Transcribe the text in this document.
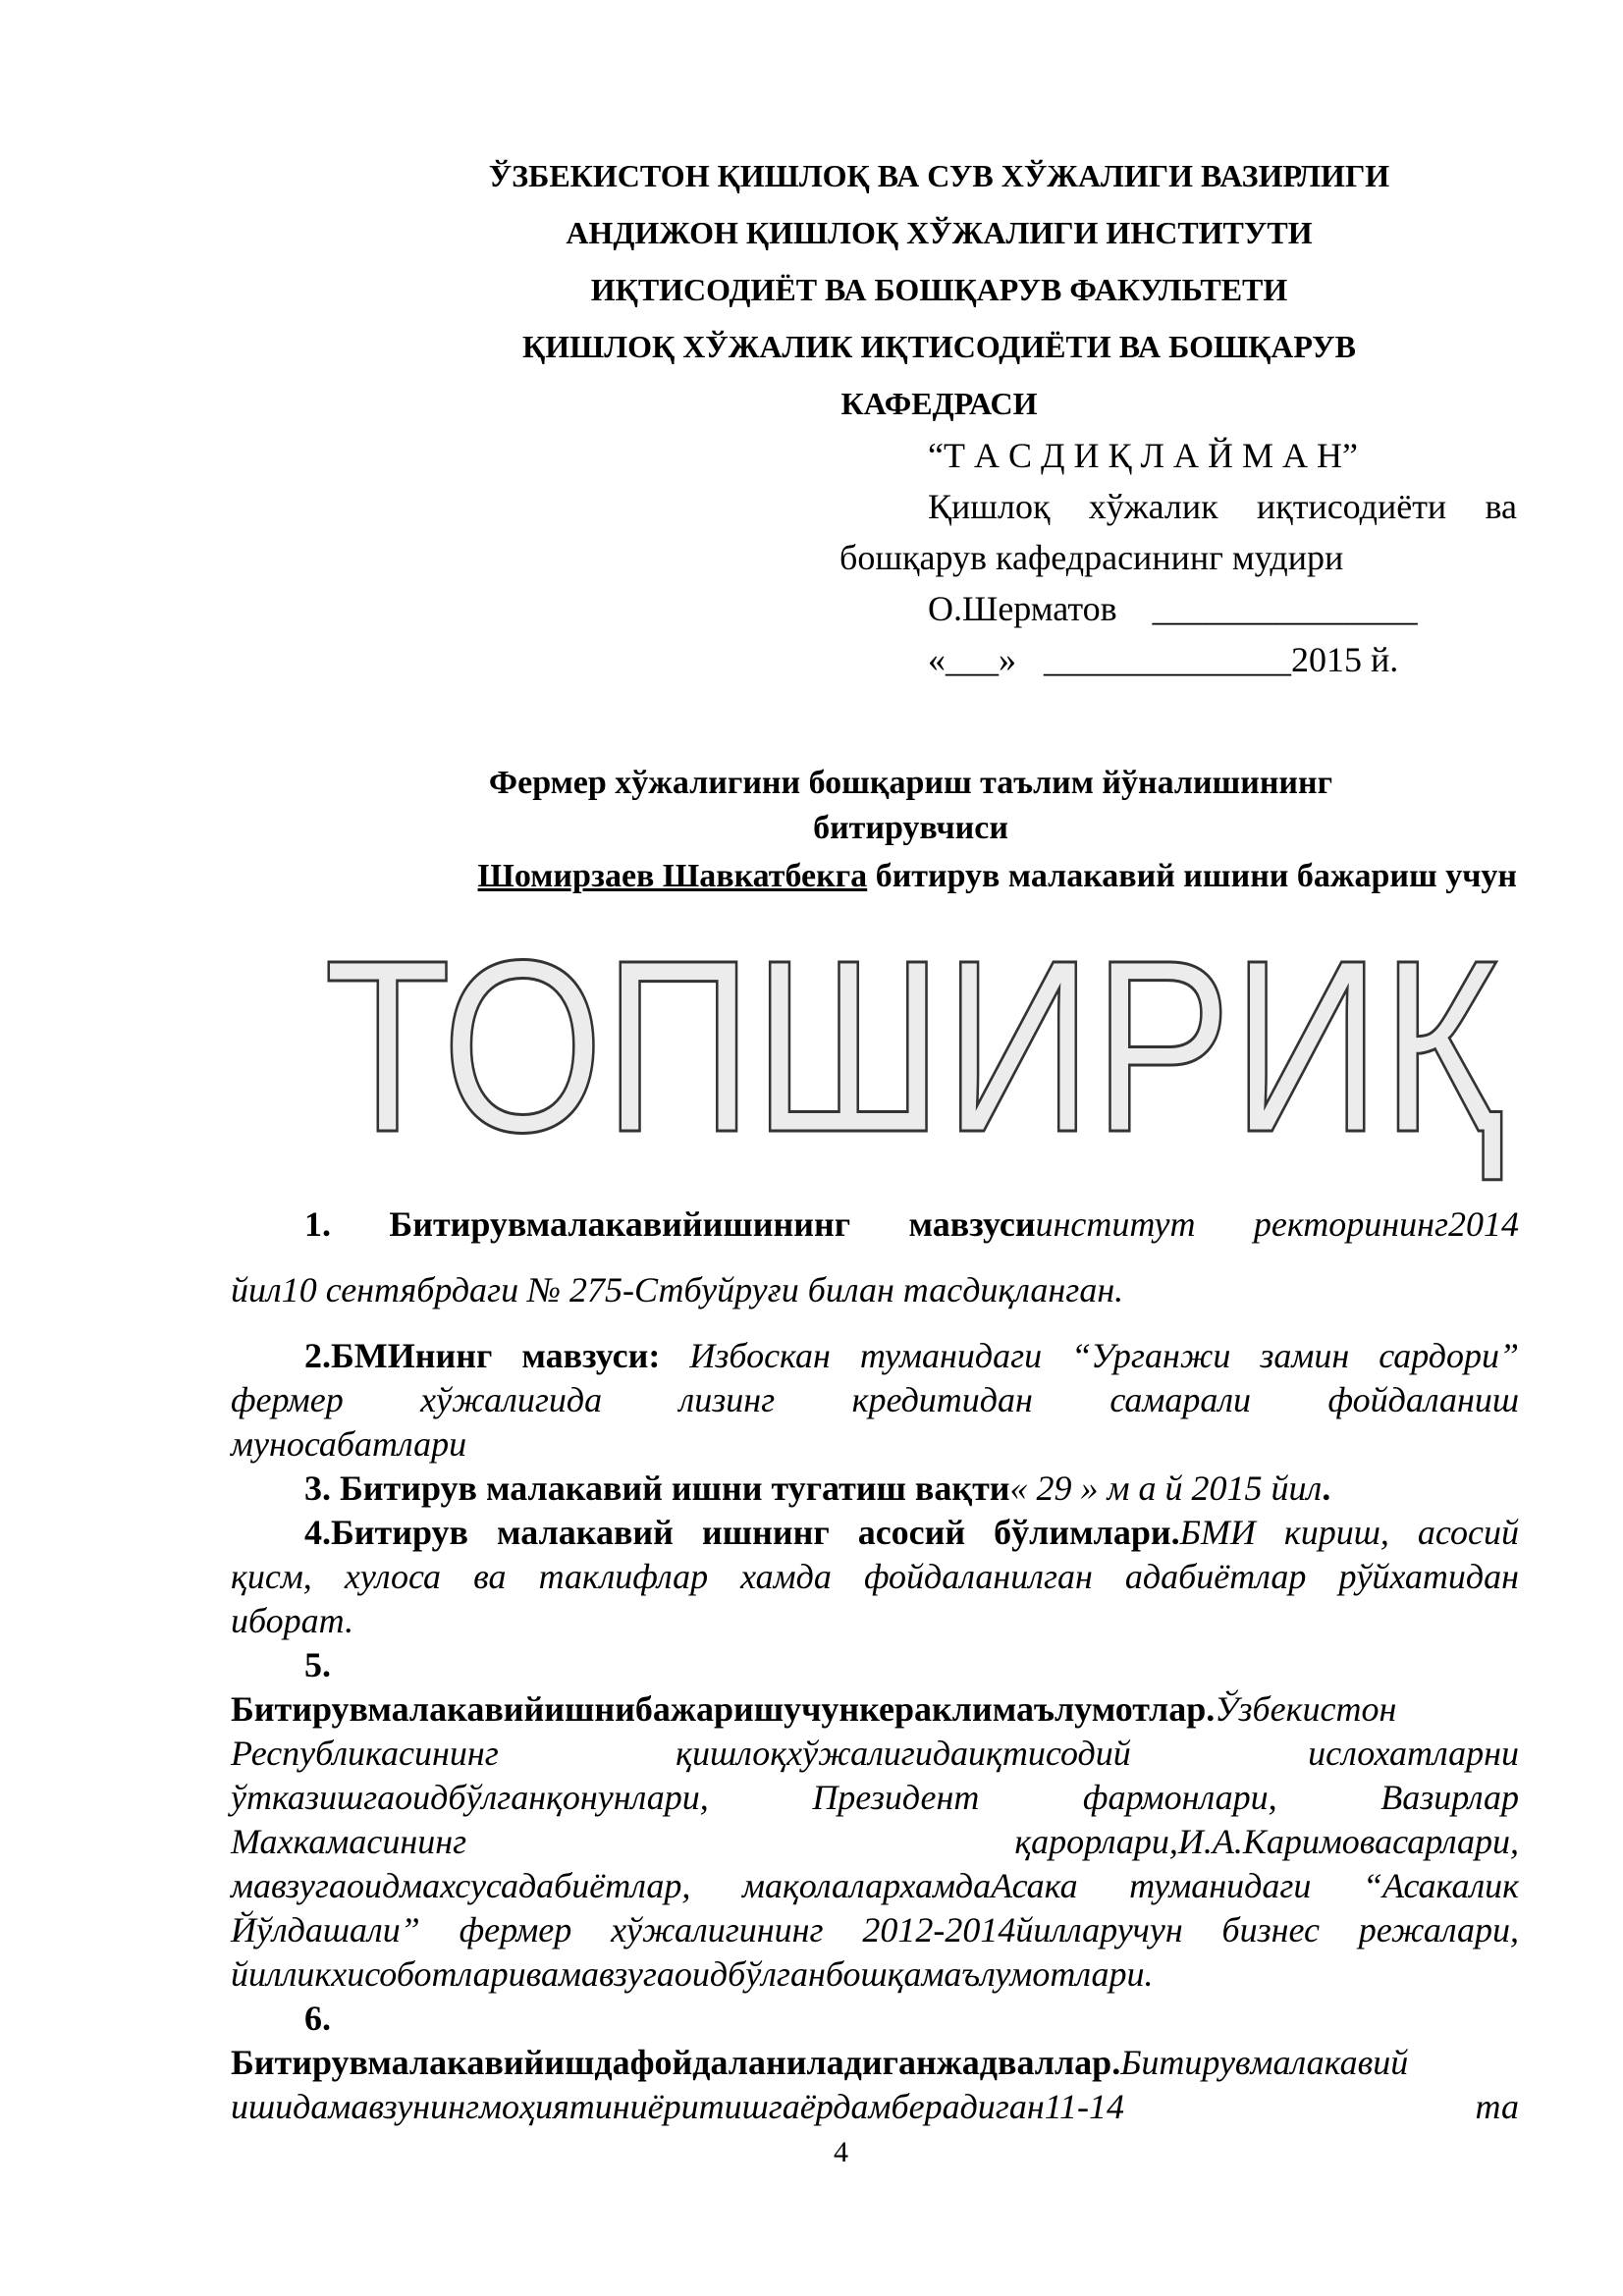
ЎЗБЕКИСТОН ҚИШЛОҚ ВА СУВ ХЎЖАЛИГИ ВАЗИРЛИГИ
АНДИЖОН ҚИШЛОҚ ХЎЖАЛИГИ ИНСТИТУТИ
ИҚТИСОДИЁТ ВА БОШҚАРУВ ФАКУЛЬТЕТИ
ҚИШЛОҚ ХЎЖАЛИК ИҚТИСОДИЁТИ ВА БОШҚАРУВ
КАФЕДРАСИ
“Т А С Д И Қ Л А Й М А Н”
Қишлоқ хўжалик иқтисодиёти ва
бошқарув кафедрасининг мудири
О.Шерматов _______________
«___» ______________2015 й.
Фермер хўжалигини бошқариш таълим йўналишининг
битирувчиси
Шомирзаев Шавкатбекга битирув малакавий ишини бажариш учун
ТОПШИРИҚ
1. Битирувмалакавийишининг мавзусиинститут ректорининг2014
йил10 сентябрдаги № 275-Стбуйруғи билан тасдиқланган.
2.БМИнинг мавзуси: Избоскан туманидаги “Урганжи замин сардори”
фермер хўжалигида лизинг кредитидан самарали фойдаланиш
муносабатлари
3. Битирув малакавий ишни тугатиш вақти« 29 » м а й 2015 йил.
4.Битирув малакавий ишнинг асосий бўлимлари.БМИ кириш, асосий
қисм, хулоса ва таклифлар хамда фойдаланилган адабиётлар рўйхатидан
иборат.
5.
Битирувмалакавийишнибажаришучункераклимаълумотлар.Ўзбекистон
Республикасининг қишлоқхўжалигидаиқтисодий ислохатларни
ўтказишгаоидбўлганқонунлари, Президент фармонлари, Вазирлар
Махкамасининг қарорлари,И.А.Каримовасарлари,
мавзугаоидмахсусадабиётлар, мақолалархамдаАсака туманидаги “Асакалик
Йўлдашали” фермер хўжалигининг 2012-2014йилларучун бизнес режалари,
йилликхисоботларивамавзугаоидбўлганбошқамаълумотлари.
6.
Битирувмалакавийишдафойдаланиладиганжадваллар.Битирувмалакавий
ишидамавзунингмоҳиятиниёритишгаёрдамберадиган11-14 та
4
